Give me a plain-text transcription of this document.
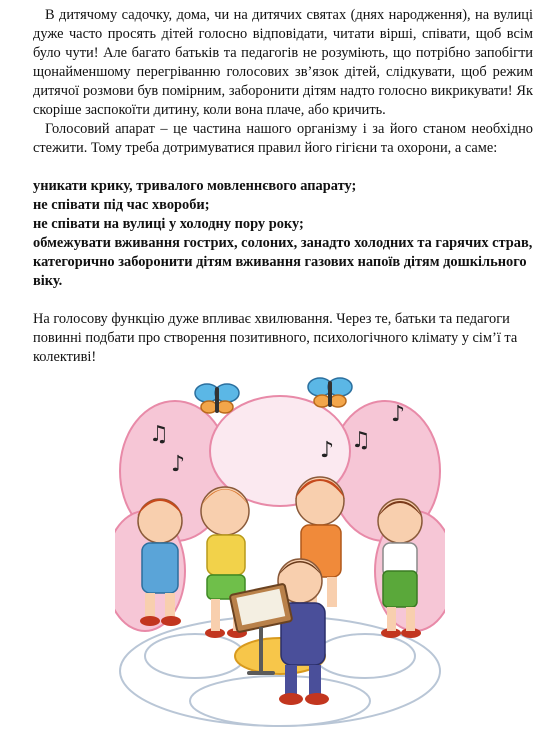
В дитячому садочку, дома, чи на дитячих святах (днях народження), на вулиці дуже часто просять дітей голосно відповідати, читати вірші, співати, щоб всім було чути! Але багато батьків та педагогів не розуміють, що потрібно запобігти щонайменшому перегріванню голосових зв’язок дітей, слідкувати, щоб режим дитячої розмови був помірним, заборонити дітям надто голосно викрикувати! Як скоріше заспокоїти дитину, коли вона плаче, або кричить.

Голосовий апарат – це частина нашого організму і за його станом необхідно стежити. Тому треба дотримуватися правил його гігієни та охорони, а саме:

уникати крику, тривалого мовленнєвого апарату;
не співати під час хвороби;
не співати на вулиці у холодну пору року;
обмежувати вживання гострих, солоних, занадто холодних та гарячих страв, категорично заборонити дітям вживання газових напоїв дітям дошкільного віку.

На голосову функцію дуже впливає хвилювання. Через те, батьки та педагоги повинні подбати про створення позитивного, психологічного клімату у сім’ї та колективі!

♫
♪
♪ ♫
♪
